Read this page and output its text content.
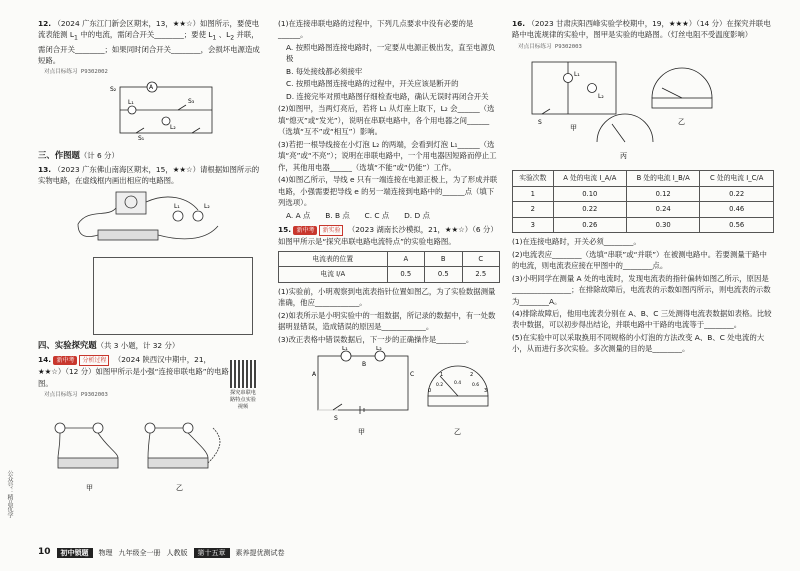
12. （2024 广东江门新会区期末，13，★★☆）如图所示，要使电流表能测 $L_1$ 中的电流，需闭合开关________；要使 $L_1$ 、$L_2$ 并联，需闭合开关________；如果同时闭合开关________，会损坏电源造成短路。

对点目标练习 P9302002
S₂	A
L₁
L₂
S₁
S₃
三、作图题（计 6 分）

13. （2023 广东佛山南海区期末，15，★★☆）请根据如图所示的实物电路，在虚线框内画出相应的电路图。

L₁	L₂
四、实验探究题（共 3 小题，计 32 分）

14. 新中考 分析过程 （2024 陕西汉中期中，21，★★☆）（12 分）如图甲所示是小强“连接串联电路”的电路图。

对点目标练习 P9302003	探究串联电路特点实验视频
甲	乙

(1)在连接串联电路的过程中，下列几点要求中没有必要的是______。

A. 按照电路图连接电路时，一定要从电源正极出发，直至电源负极

B. 每处接线都必须接牢

C. 按照电路图连接电路的过程中，开关应该是断开的

D. 连接完毕对照电路图仔细检查电路，确认无误时再闭合开关

(2)如图甲，当两灯亮后，若将 L₁ 从灯座上取下，L₂ 会______（选填“熄灭”或“发光”），说明在串联电路中，各个用电器之间______（选填“互不”或“相互”）影响。

(3)若把一根导线接在小灯泡 L₂ 的两端，会看到灯泡 L₁______（选填“亮”或“不亮”）；说明在串联电路中，一个用电器因短路而停止工作，其他用电器______（选填“不能”或“仍能”）工作。

(4)如图乙所示，导线 e 只有一端连接在电源正极上，为了形成并联电路，小强需要把导线 e 的另一端连接到电路中的______点（填下列选项）。

A. A 点　　B. B 点　　C. C 点　　D. D 点

15. 新中考 新实验 （2023 湖南长沙模拟，21，★★☆）（6 分）如图甲所示是“探究串联电路电流特点”的实验电路图。

电流表的位置	A	B	C
电流 I/A	0.5	0.5	2.5

(1)实验前，小明观察到电流表指针位置如图乙，为了实验数据测量准确，他应____________。

(2)如表所示是小明实验中的一组数据，所记录的数据中，有一处数据明显错误，造成错误的原因是____________。

(3)改正表格中错误数据后，下一步的正确操作是________。

L₁	L₂
A
B
C
S
甲	乙
0
1	2
3
0.2 0.4 0.6

16. （2023 甘肃庆阳西峰实验学校期中，19，★★★）（14 分）在探究并联电路中电流规律的实验中，图甲是实验的电路图。（灯丝电阻不受温度影响）

对点目标练习 P9302003
L₁
L₂
S
甲
乙
丙
实验次数	A 处的电流 I_A/A	B 处的电流 I_B/A	C 处的电流 I_C/A
1	0.10	0.12	0.22
2	0.22	0.24	0.46
3	0.26	0.30	0.56

(1)在连接电路时，开关必须________。

(2)电流表应________（选填“串联”或“并联”）在被测电路中。若要测量干路中的电流，则电流表应接在甲图中的________点。

(3)小明同学在测量 A 处的电流时，发现电流表的指针偏转如图乙所示，原因是________________；在排除故障后，电流表的示数如图丙所示，则电流表的示数为________A。

(4)排除故障后，他用电流表分别在 A、B、C 三处测得电流表数据如表格。比较表中数据，可以初步得出结论，并联电路中干路的电流等于________。

(5)在实验中可以采取换用不同规格的小灯泡的方法改变 A、B、C 处电流的大小，从而进行多次实验。多次测量的目的是________。

公众号：精品优学
10	初中锁题	物理 九年级全一册 人教版	第十五章	素养提优测试卷
